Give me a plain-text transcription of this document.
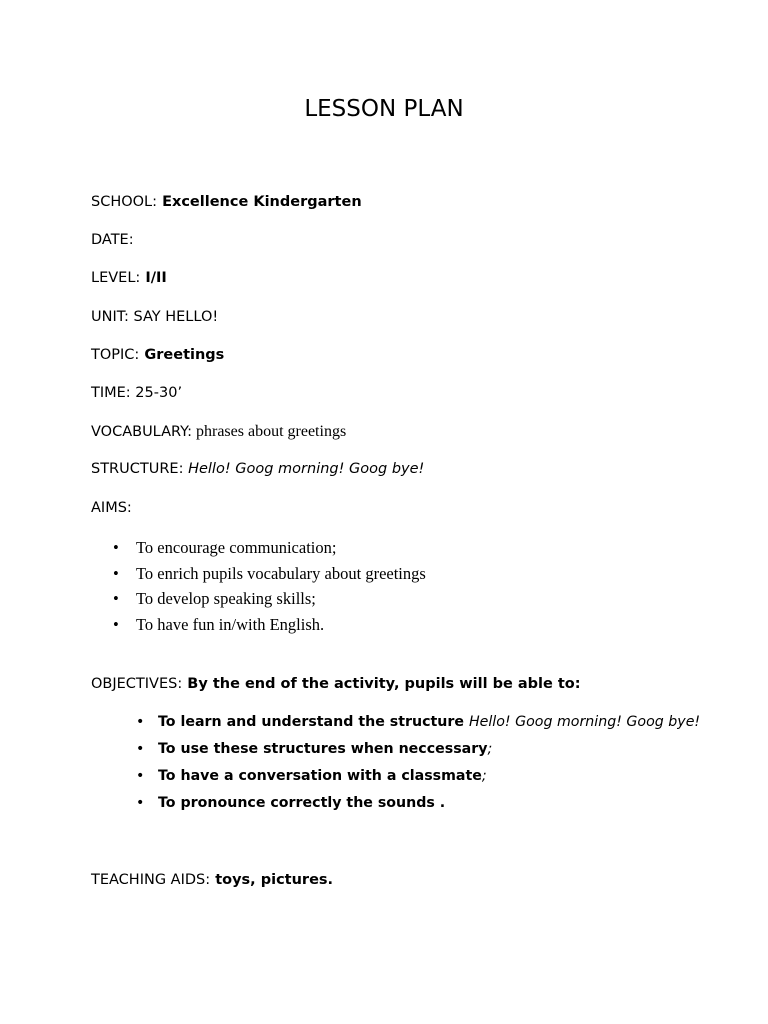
LESSON PLAN
SCHOOL: Excellence Kindergarten
DATE:
LEVEL: I/II
UNIT: SAY HELLO!
TOPIC: Greetings
TIME: 25-30’
VOCABULARY: phrases about greetings
STRUCTURE: Hello! Goog morning! Goog bye!
AIMS:
• To encourage communication;
• To enrich pupils vocabulary about greetings
• To develop speaking skills;
• To have fun in/with English.
OBJECTIVES: By the end of the activity, pupils will be able to:
• To learn and understand the structure Hello! Goog morning! Goog bye!
• To use these structures when neccessary;
• To have a conversation with a classmate;
• To pronounce correctly the sounds .
TEACHING AIDS: toys, pictures.
